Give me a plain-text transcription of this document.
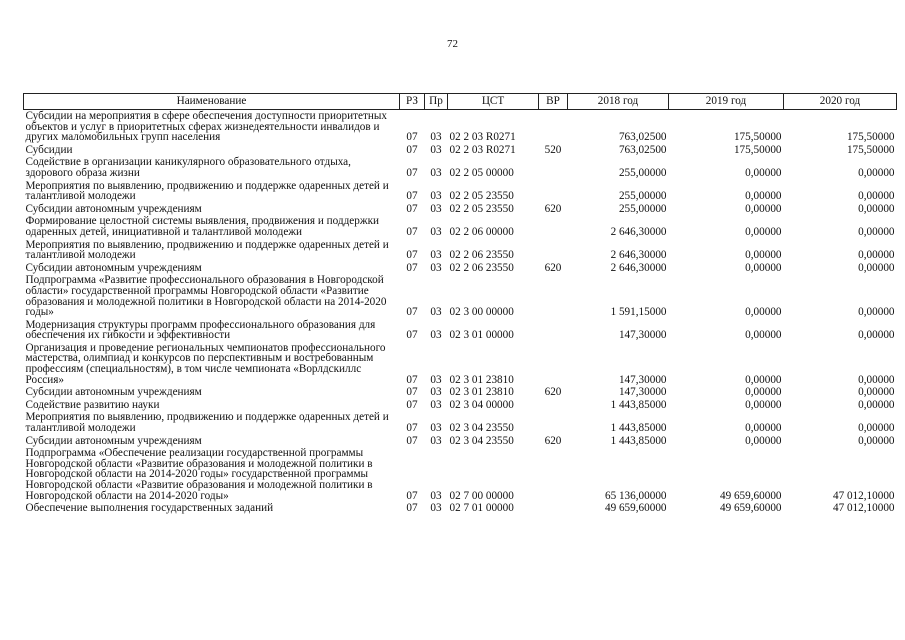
72
Наименование	РЗ	Пр	ЦСТ	ВР	2018 год	2019 год	2020 год
Субсидии на мероприятия в сфере обеспечения доступности приоритетных объектов и услуг в приоритетных сферах жизнедеятельности инвалидов и других маломобильных групп населения	07	03	02 2 03 R0271		763,02500	175,50000	175,50000
Субсидии	07	03	02 2 03 R0271	520	763,02500	175,50000	175,50000
Содействие в организации каникулярного образовательного отдыха, здорового образа жизни	07	03	02 2 05 00000		255,00000	0,00000	0,00000
Мероприятия по выявлению, продвижению и поддержке одаренных детей и талантливой молодежи	07	03	02 2 05 23550		255,00000	0,00000	0,00000
Субсидии автономным учреждениям	07	03	02 2 05 23550	620	255,00000	0,00000	0,00000
Формирование целостной системы выявления, продвижения и поддержки одаренных детей, инициативной и талантливой молодежи	07	03	02 2 06 00000		2 646,30000	0,00000	0,00000
Мероприятия по выявлению, продвижению и поддержке одаренных детей и талантливой молодежи	07	03	02 2 06 23550		2 646,30000	0,00000	0,00000
Субсидии автономным учреждениям	07	03	02 2 06 23550	620	2 646,30000	0,00000	0,00000
Подпрограмма «Развитие профессионального образования в Новгородской области» государственной программы Новгородской области «Развитие образования и молодежной политики в Новгородской области на 2014-2020 годы»	07	03	02 3 00 00000		1 591,15000	0,00000	0,00000
Модернизация структуры программ профессионального образования для обеспечения их гибкости и эффективности	07	03	02 3 01 00000		147,30000	0,00000	0,00000
Организация и проведение региональных чемпионатов профессионального мастерства, олимпиад и конкурсов по перспективным и востребованным профессиям (специальностям), в том числе чемпионата «Ворлдскиллс Россия»	07	03	02 3 01 23810		147,30000	0,00000	0,00000
Субсидии автономным учреждениям	07	03	02 3 01 23810	620	147,30000	0,00000	0,00000
Содействие развитию науки	07	03	02 3 04 00000		1 443,85000	0,00000	0,00000
Мероприятия по выявлению, продвижению и поддержке одаренных детей и талантливой молодежи	07	03	02 3 04 23550		1 443,85000	0,00000	0,00000
Субсидии автономным учреждениям	07	03	02 3 04 23550	620	1 443,85000	0,00000	0,00000
Подпрограмма «Обеспечение реализации государственной программы Новгородской области «Развитие образования и молодежной политики в Новгородской области на 2014-2020 годы» государственной программы Новгородской области «Развитие образования и молодежной политики в Новгородской области на 2014-2020 годы»	07	03	02 7 00 00000		65 136,00000	49 659,60000	47 012,10000
Обеспечение выполнения государственных заданий	07	03	02 7 01 00000		49 659,60000	49 659,60000	47 012,10000
